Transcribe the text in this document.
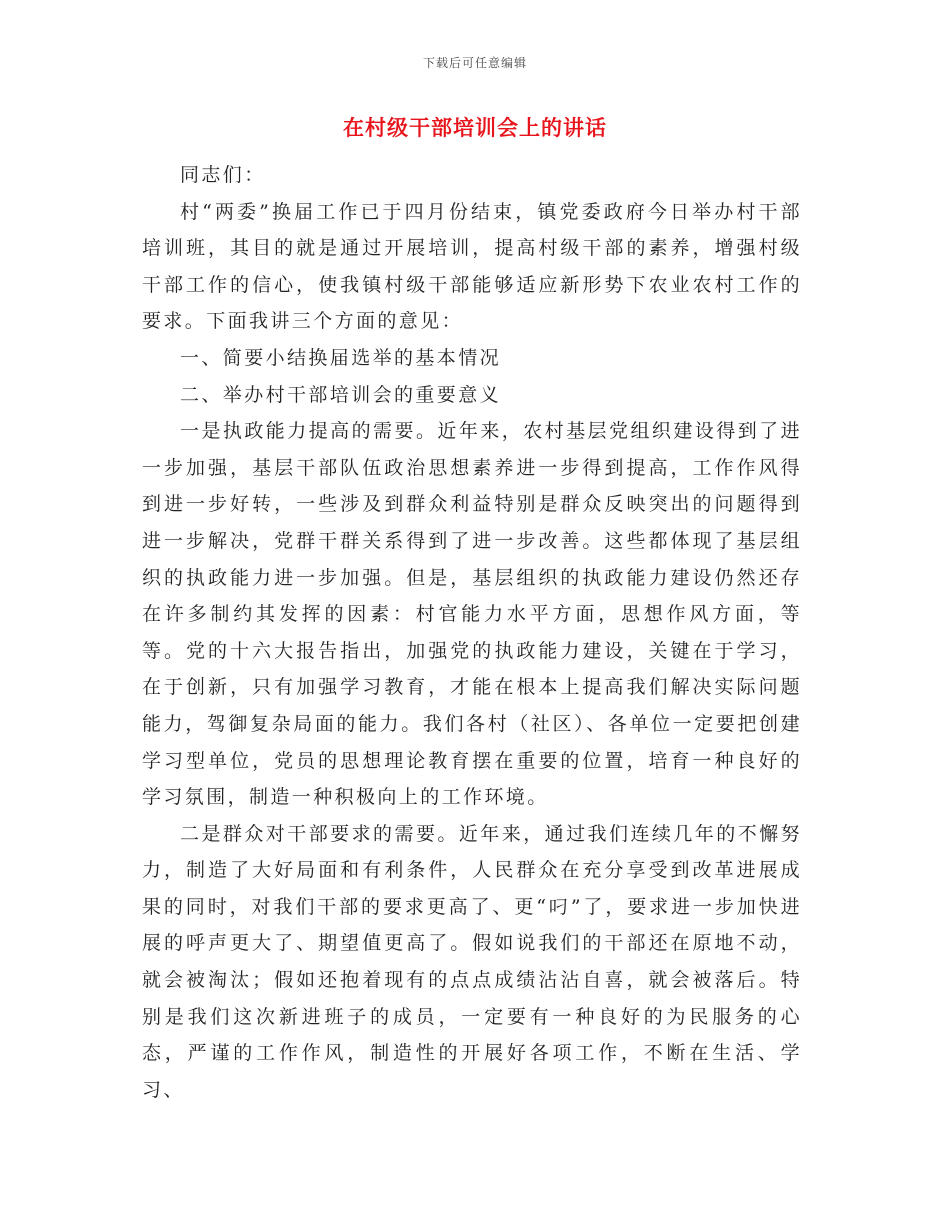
下载后可任意编辑
在村级干部培训会上的讲话

同志们：

村“两委”换届工作已于四月份结束，镇党委政府今日举办村干部培训班，其目的就是通过开展培训，提高村级干部的素养，增强村级干部工作的信心，使我镇村级干部能够适应新形势下农业农村工作的要求。下面我讲三个方面的意见：

一、简要小结换届选举的基本情况

二、举办村干部培训会的重要意义

一是执政能力提高的需要。近年来，农村基层党组织建设得到了进一步加强，基层干部队伍政治思想素养进一步得到提高，工作作风得到进一步好转，一些涉及到群众利益特别是群众反映突出的问题得到进一步解决，党群干群关系得到了进一步改善。这些都体现了基层组织的执政能力进一步加强。但是，基层组织的执政能力建设仍然还存在许多制约其发挥的因素：村官能力水平方面，思想作风方面，等等。党的十六大报告指出，加强党的执政能力建设，关键在于学习，在于创新，只有加强学习教育，才能在根本上提高我们解决实际问题能力，驾御复杂局面的能力。我们各村（社区）、各单位一定要把创建学习型单位，党员的思想理论教育摆在重要的位置，培育一种良好的学习氛围，制造一种积极向上的工作环境。

二是群众对干部要求的需要。近年来，通过我们连续几年的不懈努力，制造了大好局面和有利条件，人民群众在充分享受到改革进展成果的同时，对我们干部的要求更高了、更“叼”了，要求进一步加快进展的呼声更大了、期望值更高了。假如说我们的干部还在原地不动，就会被淘汰；假如还抱着现有的点点成绩沾沾自喜，就会被落后。特别是我们这次新进班子的成员，一定要有一种良好的为民服务的心态，严谨的工作作风，制造性的开展好各项工作，不断在生活、学习、
